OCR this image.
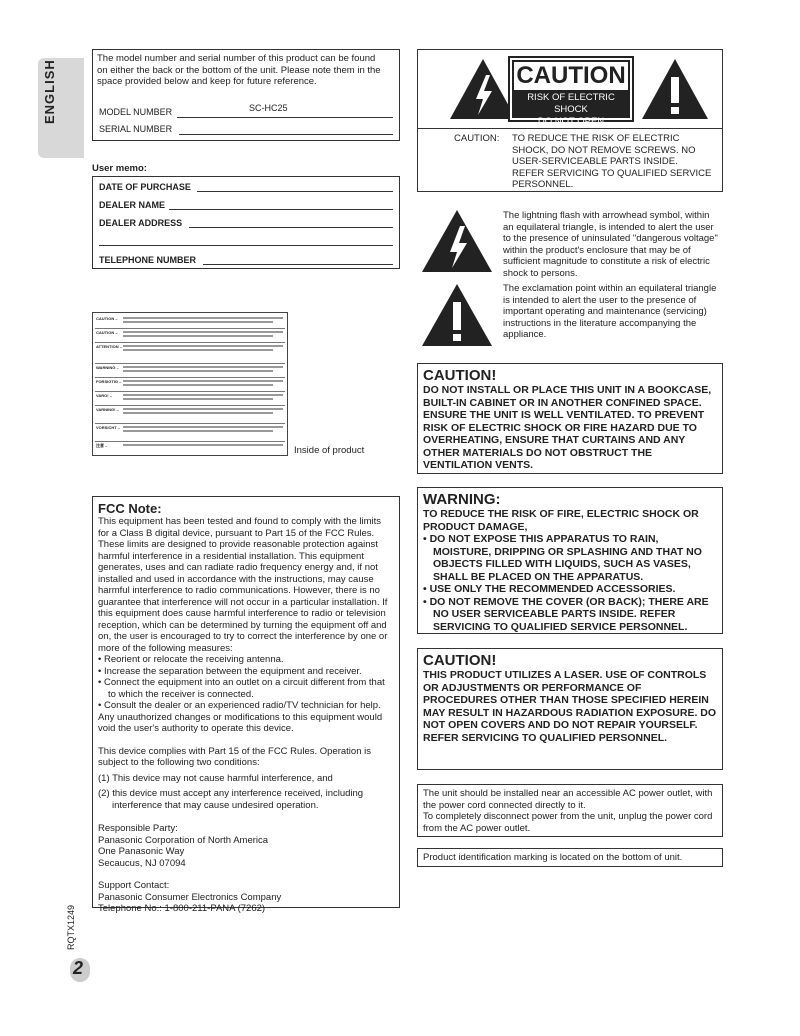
ENGLISH
RQTX1249
2
The model number and serial number of this product can be found on either the back or the bottom of the unit. Please note them in the space provided below and keep for future reference.
MODEL NUMBER	SC-HC25
SERIAL NUMBER
User memo:
DATE OF PURCHASE
DEALER NAME
DEALER ADDRESS
TELEPHONE NUMBER
CAUTION –
CAUTION –
ATTENTION –
WARNING –
FORSIGTIG –
VARO! –
VARNING! –
VORSICHT –
注意 –	Inside of product
CAUTION
RISK OF ELECTRIC SHOCK
DO NOT OPEN
CAUTION: TO REDUCE THE RISK OF ELECTRIC SHOCK, DO NOT REMOVE SCREWS. NO USER-SERVICEABLE PARTS INSIDE. REFER SERVICING TO QUALIFIED SERVICE PERSONNEL.
The lightning flash with arrowhead symbol, within an equilateral triangle, is intended to alert the user to the presence of uninsulated "dangerous voltage" within the product's enclosure that may be of sufficient magnitude to constitute a risk of electric shock to persons.
The exclamation point within an equilateral triangle is intended to alert the user to the presence of important operating and maintenance (servicing) instructions in the literature accompanying the appliance.
CAUTION!
DO NOT INSTALL OR PLACE THIS UNIT IN A BOOKCASE, BUILT-IN CABINET OR IN ANOTHER CONFINED SPACE. ENSURE THE UNIT IS WELL VENTILATED. TO PREVENT RISK OF ELECTRIC SHOCK OR FIRE HAZARD DUE TO OVERHEATING, ENSURE THAT CURTAINS AND ANY OTHER MATERIALS DO NOT OBSTRUCT THE VENTILATION VENTS.
WARNING:
TO REDUCE THE RISK OF FIRE, ELECTRIC SHOCK OR PRODUCT DAMAGE,
• DO NOT EXPOSE THIS APPARATUS TO RAIN, MOISTURE, DRIPPING OR SPLASHING AND THAT NO OBJECTS FILLED WITH LIQUIDS, SUCH AS VASES, SHALL BE PLACED ON THE APPARATUS.
• USE ONLY THE RECOMMENDED ACCESSORIES.
• DO NOT REMOVE THE COVER (OR BACK); THERE ARE NO USER SERVICEABLE PARTS INSIDE. REFER SERVICING TO QUALIFIED SERVICE PERSONNEL.
CAUTION!
THIS PRODUCT UTILIZES A LASER. USE OF CONTROLS OR ADJUSTMENTS OR PERFORMANCE OF PROCEDURES OTHER THAN THOSE SPECIFIED HEREIN MAY RESULT IN HAZARDOUS RADIATION EXPOSURE. DO NOT OPEN COVERS AND DO NOT REPAIR YOURSELF. REFER SERVICING TO QUALIFIED PERSONNEL.
The unit should be installed near an accessible AC power outlet, with the power cord connected directly to it.
To completely disconnect power from the unit, unplug the power cord from the AC power outlet.
Product identification marking is located on the bottom of unit.
FCC Note:
This equipment has been tested and found to comply with the limits for a Class B digital device, pursuant to Part 15 of the FCC Rules. These limits are designed to provide reasonable protection against harmful interference in a residential installation. This equipment generates, uses and can radiate radio frequency energy and, if not installed and used in accordance with the instructions, may cause harmful interference to radio communications. However, there is no guarantee that interference will not occur in a particular installation. If this equipment does cause harmful interference to radio or television reception, which can be determined by turning the equipment off and on, the user is encouraged to try to correct the interference by one or more of the following measures:
• Reorient or relocate the receiving antenna.
• Increase the separation between the equipment and receiver.
• Connect the equipment into an outlet on a circuit different from that to which the receiver is connected.
• Consult the dealer or an experienced radio/TV technician for help.
Any unauthorized changes or modifications to this equipment would void the user's authority to operate this device.
This device complies with Part 15 of the FCC Rules. Operation is subject to the following two conditions:
(1) This device may not cause harmful interference, and
(2) this device must accept any interference received, including interference that may cause undesired operation.
Responsible Party:
Panasonic Corporation of North America
One Panasonic Way
Secaucus, NJ 07094
Support Contact:
Panasonic Consumer Electronics Company
Telephone No.: 1-800-211-PANA (7262)
